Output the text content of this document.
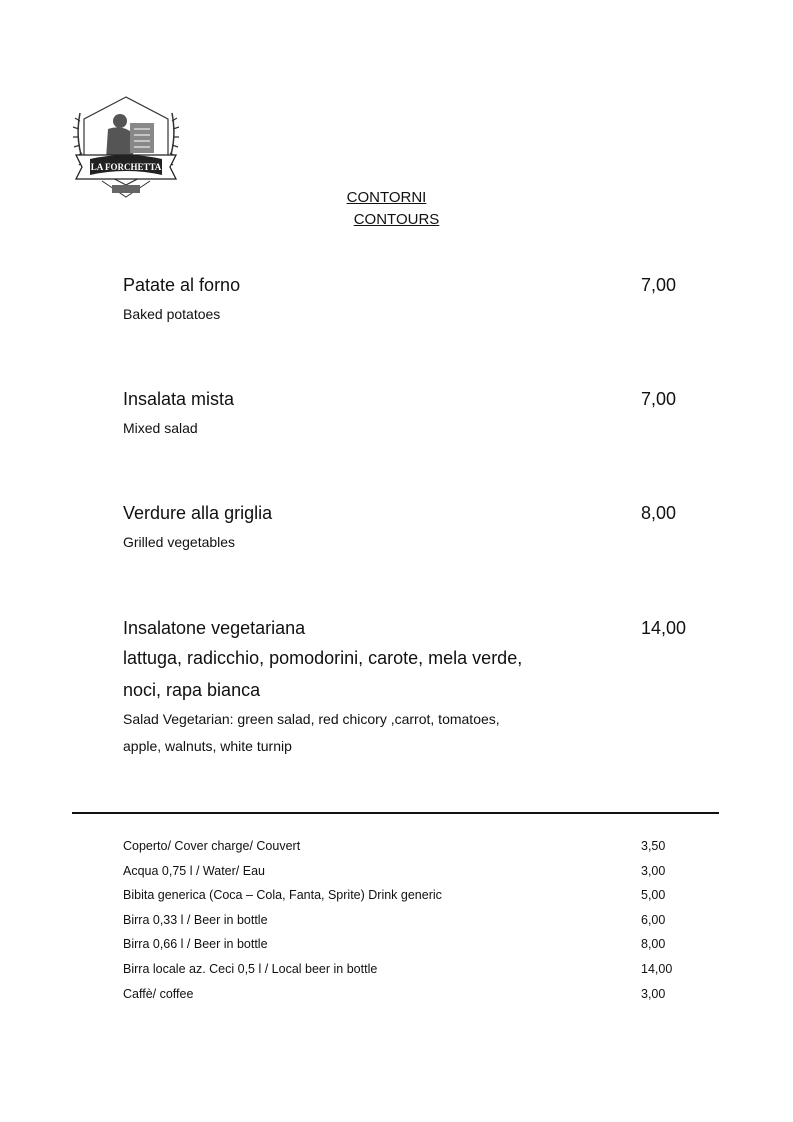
RISTORANTE
LA FORCHETTA
CONTORNI
CONTOURS
Patate al forno	7,00
Baked potatoes
Insalata mista	7,00
Mixed salad
Verdure alla griglia	8,00
Grilled vegetables
Insalatone vegetariana	14,00
lattuga, radicchio, pomodorini, carote, mela verde,
noci, rapa bianca
Salad Vegetarian: green salad, red chicory ,carrot, tomatoes,
apple, walnuts, white turnip
Coperto/ Cover charge/ Couvert	3,50
Acqua 0,75 l / Water/ Eau	3,00
Bibita generica (Coca – Cola, Fanta, Sprite) Drink generic	5,00
Birra 0,33 l / Beer in bottle	6,00
Birra 0,66 l / Beer in bottle	8,00
Birra locale az. Ceci 0,5 l / Local beer in bottle	14,00
Caffè/ coffee	3,00
